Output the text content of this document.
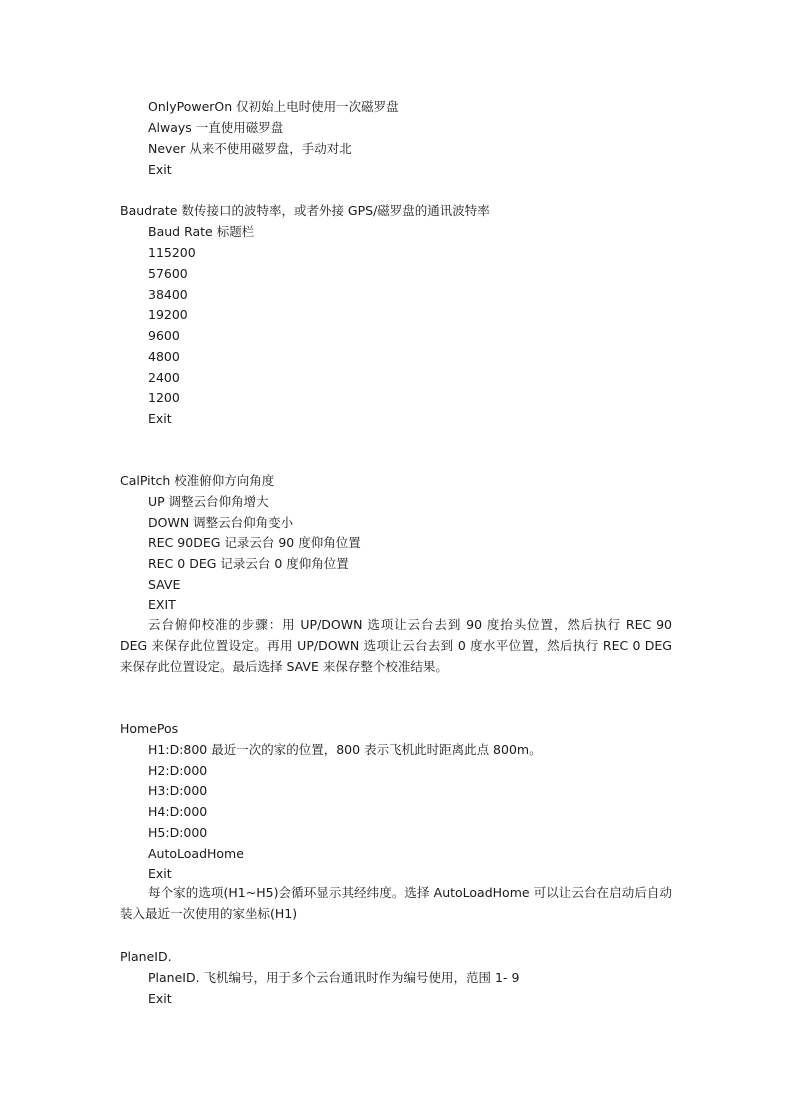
OnlyPowerOn 仅初始上电时使用一次磁罗盘
Always 一直使用磁罗盘
Never 从来不使用磁罗盘，手动对北
Exit
Baudrate 数传接口的波特率，或者外接 GPS/磁罗盘的通讯波特率
Baud Rate 标题栏
115200
57600
38400
19200
9600
4800
2400
1200
Exit
CalPitch 校准俯仰方向角度
UP 调整云台仰角增大
DOWN 调整云台仰角变小
REC 90DEG 记录云台 90 度仰角位置
REC 0 DEG 记录云台 0 度仰角位置
SAVE
EXIT
云台俯仰校准的步骤：用 UP/DOWN 选项让云台去到 90 度抬头位置，然后执行 REC 90 DEG 来保存此位置设定。再用 UP/DOWN 选项让云台去到 0 度水平位置，然后执行 REC 0 DEG 来保存此位置设定。最后选择 SAVE 来保存整个校准结果。
HomePos
H1:D:800 最近一次的家的位置，800 表示飞机此时距离此点 800m。
H2:D:000
H3:D:000
H4:D:000
H5:D:000
AutoLoadHome
Exit
每个家的选项(H1~H5)会循环显示其经纬度。选择 AutoLoadHome 可以让云台在启动后自动装入最近一次使用的家坐标(H1)
PlaneID.
PlaneID. 飞机编号，用于多个云台通讯时作为编号使用，范围 1- 9
Exit
